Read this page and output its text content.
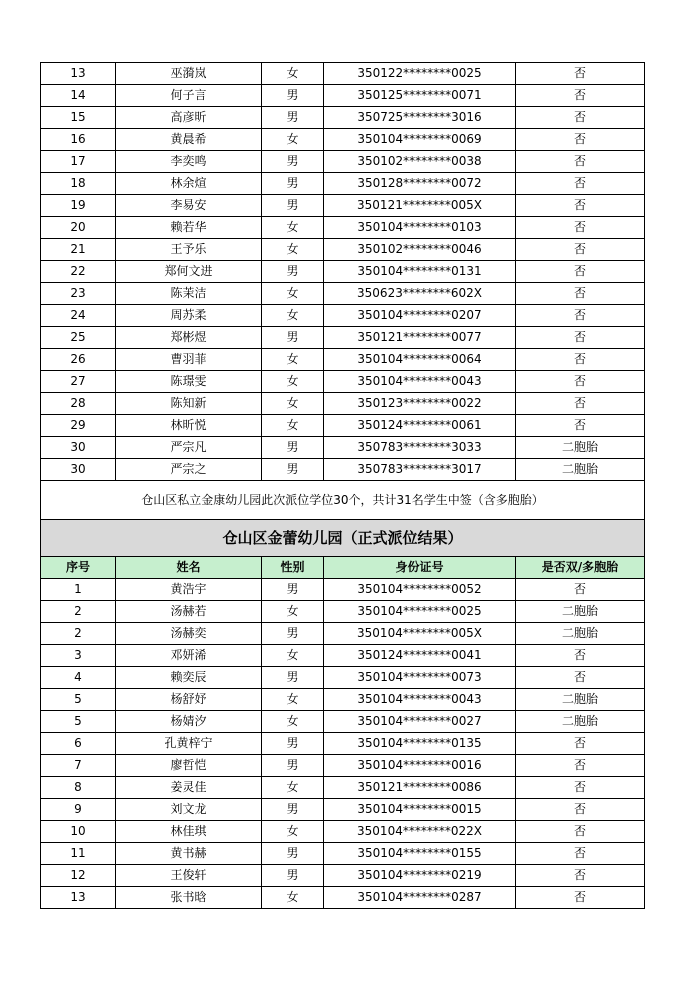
13	巫漪岚	女	350122********0025	否
14	何子言	男	350125********0071	否
15	高彦昕	男	350725********3016	否
16	黄晨希	女	350104********0069	否
17	李奕鸣	男	350102********0038	否
18	林余煊	男	350128********0072	否
19	李易安	男	350121********005X	否
20	赖若华	女	350104********0103	否
21	王予乐	女	350102********0046	否
22	郑何文进	男	350104********0131	否
23	陈茉洁	女	350623********602X	否
24	周苏柔	女	350104********0207	否
25	郑彬煜	男	350121********0077	否
26	曹羽菲	女	350104********0064	否
27	陈璟雯	女	350104********0043	否
28	陈知新	女	350123********0022	否
29	林昕悦	女	350124********0061	否
30	严宗凡	男	350783********3033	二胞胎
30	严宗之	男	350783********3017	二胞胎
仓山区私立金康幼儿园此次派位学位30个，共计31名学生中签（含多胞胎）				
仓山区金蕾幼儿园（正式派位结果）				
序号	姓名	性别	身份证号	是否双/多胞胎
1	黄浩宇	男	350104********0052	否
2	汤赫若	女	350104********0025	二胞胎
2	汤赫奕	男	350104********005X	二胞胎
3	邓妍浠	女	350124********0041	否
4	赖奕辰	男	350104********0073	否
5	杨舒妤	女	350104********0043	二胞胎
5	杨婧汐	女	350104********0027	二胞胎
6	孔黄梓宁	男	350104********0135	否
7	廖哲恺	男	350104********0016	否
8	姜灵佳	女	350121********0086	否
9	刘文龙	男	350104********0015	否
10	林佳琪	女	350104********022X	否
11	黄书赫	男	350104********0155	否
12	王俊轩	男	350104********0219	否
13	张书晗	女	350104********0287	否
